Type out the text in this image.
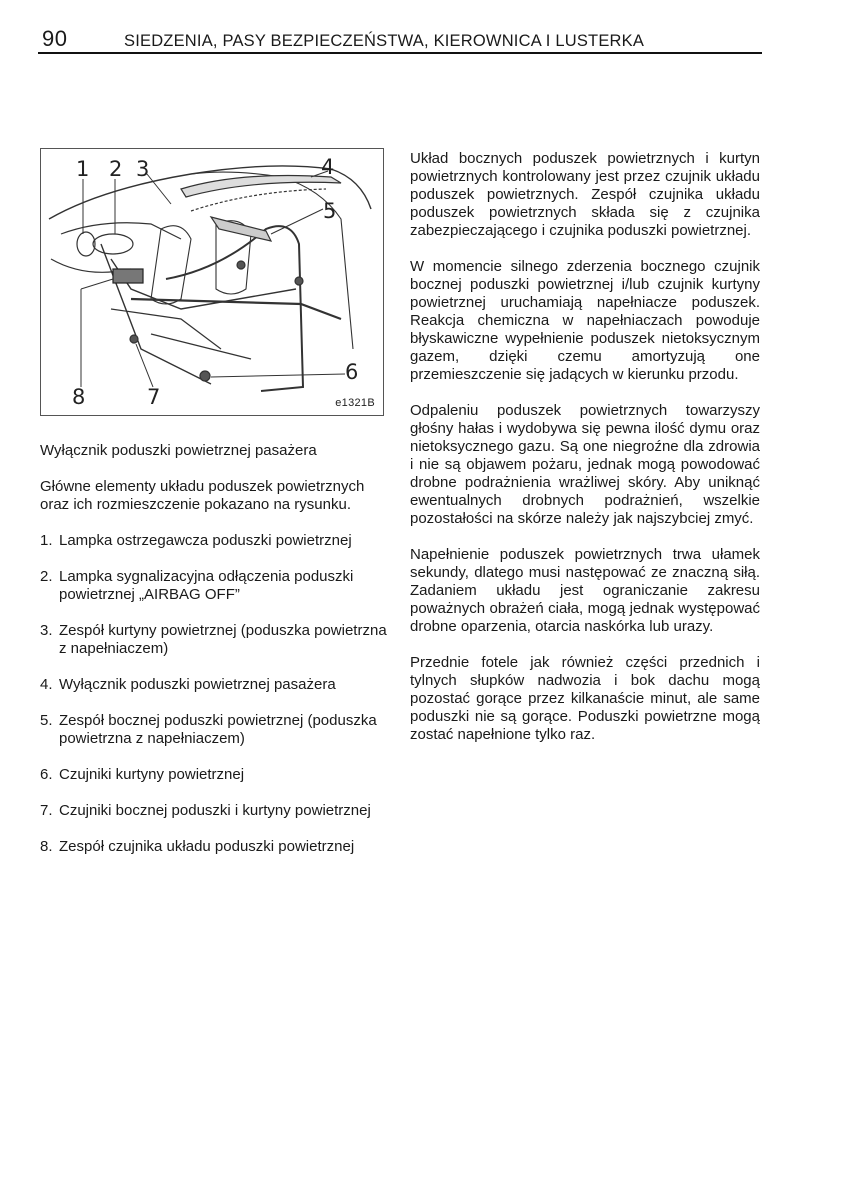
90	SIEDZENIA, PASY BEZPIECZEŃSTWA, KIEROWNICA I LUSTERKA
1 2 3	4
5
6
7
8	e1321B

Wyłącznik poduszki powietrznej pasażera

Główne elementy układu poduszek powietrznych oraz ich rozmieszczenie pokazano na rysunku.

1. Lampka ostrzegawcza poduszki powietrznej
2. Lampka sygnalizacyjna odłączenia poduszki powietrznej „AIRBAG OFF”
3. Zespół kurtyny powietrznej (poduszka powietrzna z napełniaczem)
4. Wyłącznik poduszki powietrznej pasażera
5. Zespół bocznej poduszki powietrznej (poduszka powietrzna z napełniaczem)
6. Czujniki kurtyny powietrznej
7. Czujniki bocznej poduszki i kurtyny powietrznej
8. Zespół czujnika układu poduszki powietrznej

Układ bocznych poduszek powietrznych i kurtyn powietrznych kontrolowany jest przez czujnik układu poduszek powietrznych. Zespół czujnika układu poduszek powietrznych składa się z czujnika zabezpieczającego i czujnika poduszki powietrznej.

W momencie silnego zderzenia bocznego czujnik bocznej poduszki powietrznej i/lub czujnik kurtyny powietrznej uruchamiają napełniacze poduszek. Reakcja chemiczna w napełniaczach powoduje błyskawiczne wypełnienie poduszek nietoksycznym gazem, dzięki czemu amortyzują one przemieszczenie się jadących w kierunku przodu.

Odpaleniu poduszek powietrznych towarzyszy głośny hałas i wydobywa się pewna ilość dymu oraz nietoksycznego gazu. Są one niegroźne dla zdrowia i nie są objawem pożaru, jednak mogą powodować drobne podrażnienia wrażliwej skóry. Aby uniknąć ewentualnych drobnych podrażnień, wszelkie pozostałości na skórze należy jak najszybciej zmyć.

Napełnienie poduszek powietrznych trwa ułamek sekundy, dlatego musi następować ze znaczną siłą. Zadaniem układu jest ograniczanie zakresu poważnych obrażeń ciała, mogą jednak występować drobne oparzenia, otarcia naskórka lub urazy.

Przednie fotele jak również części przednich i tylnych słupków nadwozia i bok dachu mogą pozostać gorące przez kilkanaście minut, ale same poduszki nie są gorące. Poduszki powietrzne mogą zostać napełnione tylko raz.
